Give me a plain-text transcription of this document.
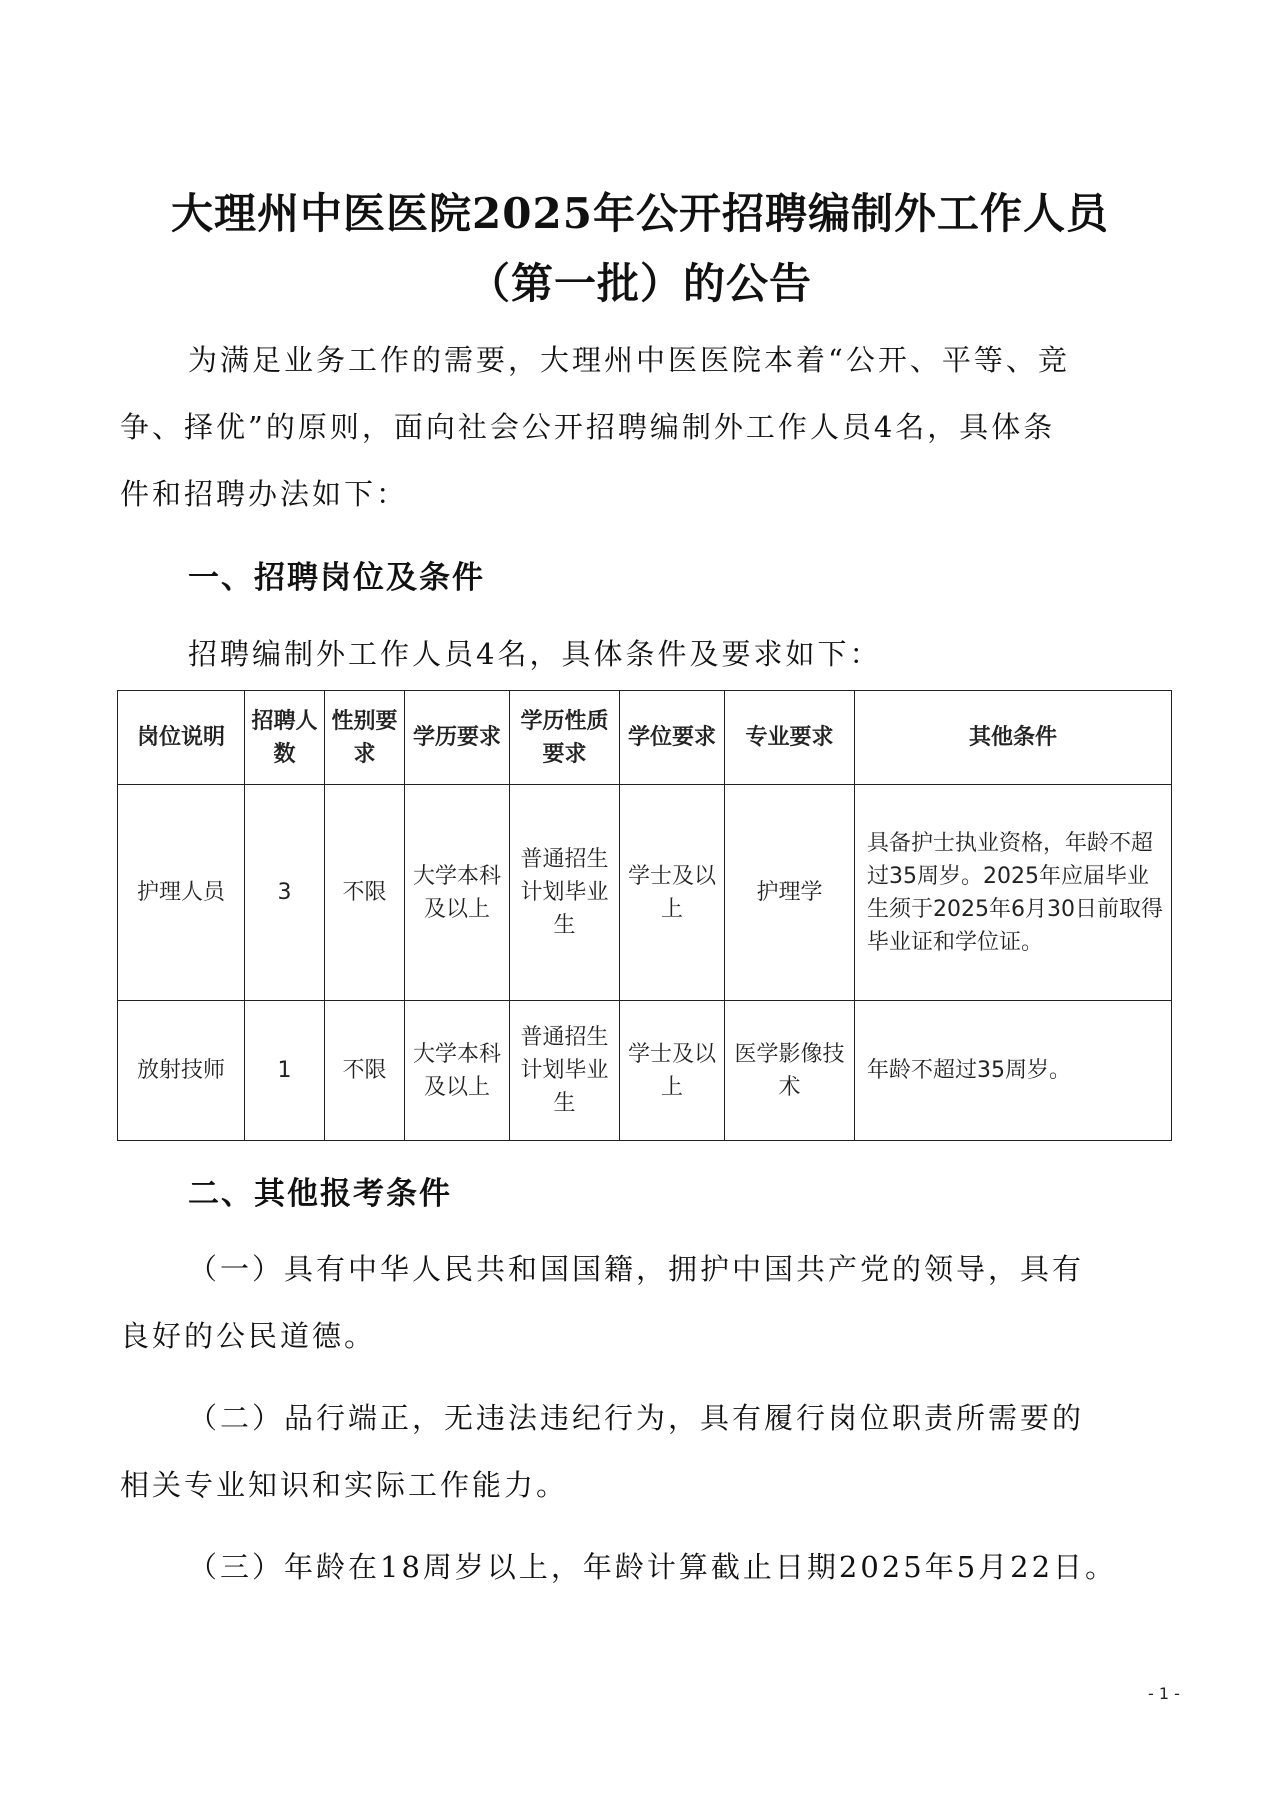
大理州中医医院2025年公开招聘编制外工作人员
（第一批）的公告
为满足业务工作的需要，大理州中医医院本着“公开、平等、竞
争、择优”的原则，面向社会公开招聘编制外工作人员4名，具体条
件和招聘办法如下：
一、招聘岗位及条件
招聘编制外工作人员4名，具体条件及要求如下：
岗位说明	招聘人数	性别要求	学历要求	学历性质要求	学位要求	专业要求	其他条件
护理人员	3	不限	大学本科及以上	普通招生计划毕业生	学士及以上	护理学	具备护士执业资格，年龄不超过35周岁。2025年应届毕业生须于2025年6月30日前取得毕业证和学位证。
放射技师	1	不限	大学本科及以上	普通招生计划毕业生	学士及以上	医学影像技术	年龄不超过35周岁。
二、其他报考条件
（一）具有中华人民共和国国籍，拥护中国共产党的领导，具有
良好的公民道德。
（二）品行端正，无违法违纪行为，具有履行岗位职责所需要的
相关专业知识和实际工作能力。
（三）年龄在18周岁以上，年龄计算截止日期2025年5月22日。
- 1 -
